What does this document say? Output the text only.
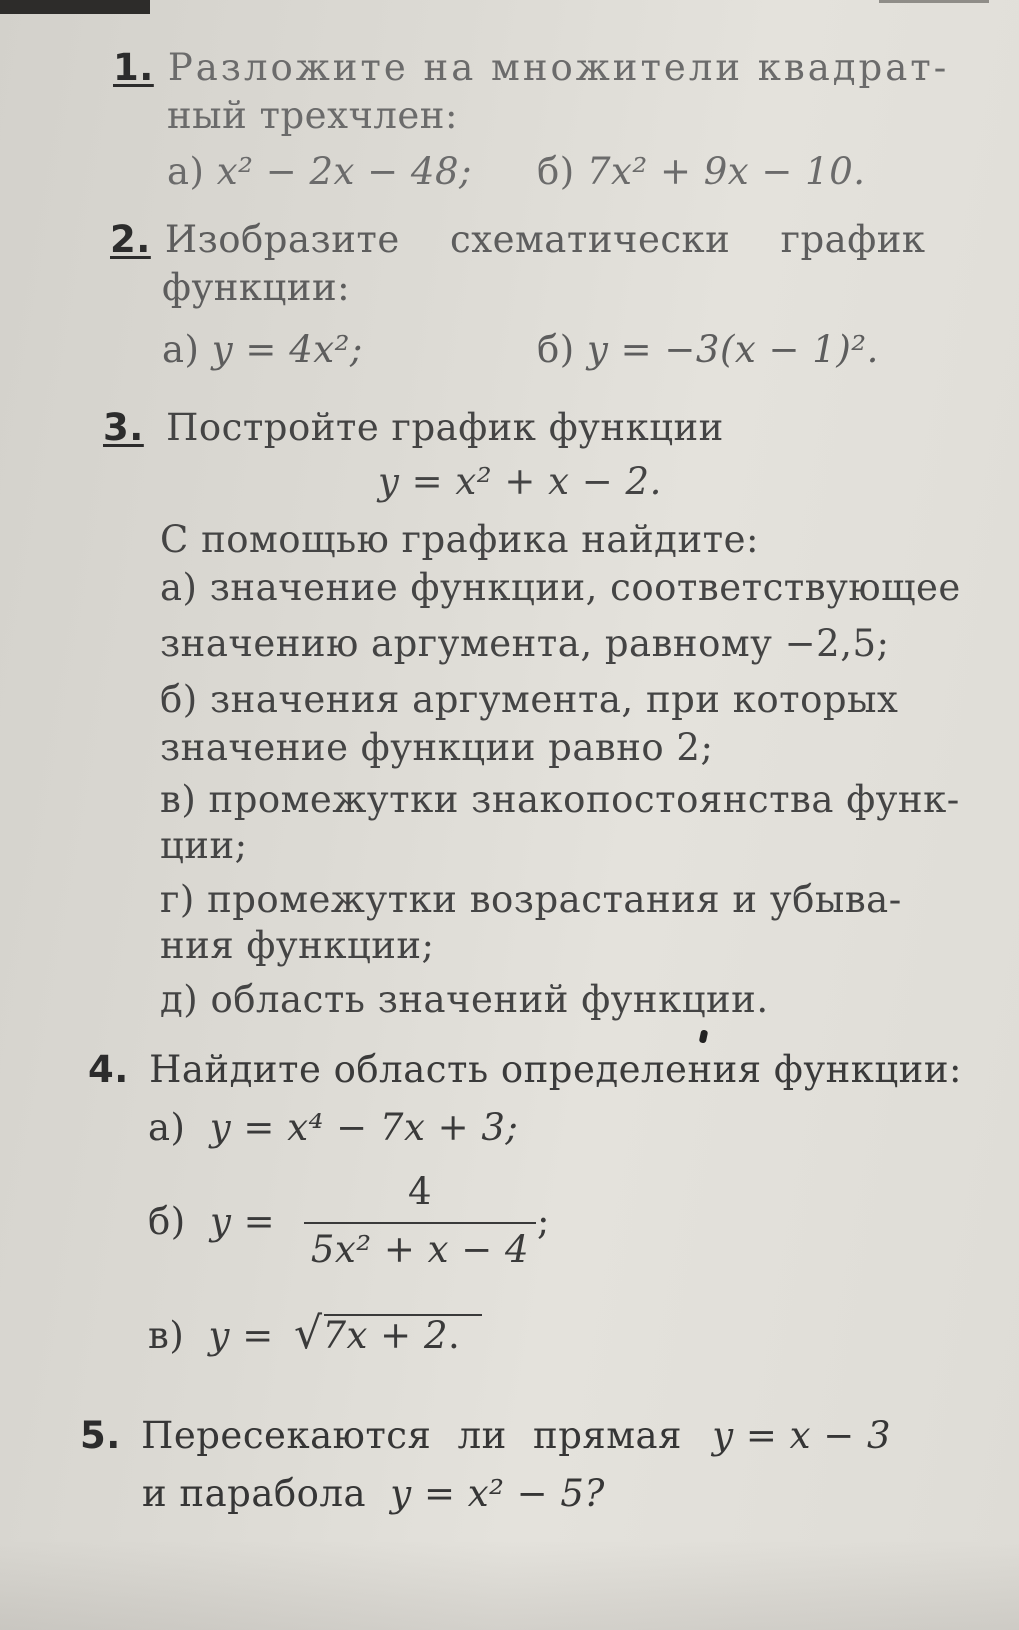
1. Разложите на множители квадрат-
ный трехчлен:
а) x² − 2x − 48; б) 7x² + 9x − 10.
2. Изобразите схематически график
функции:
а) y = 4x²;	б) y = −3(x − 1)².
3. Постройте график функции
y = x² + x − 2.
С помощью графика найдите:
а) значение функции, соответствующее
значению аргумента, равному −2,5;
б) значения аргумента, при которых
значение функции равно 2;
в) промежутки знакопостоянства функ-
ции;
г) промежутки возрастания и убыва-
ния функции;
д) область значений функции.
4. Найдите область определения функции:
а) y = x⁴ − 7x + 3;
б) $y = \frac{4}{\text{5x² + x − 4}}$ ;
в) y = √7x + 2.
5. Пересекаются ли прямая y = x − 3
и парабола y = x² − 5?
